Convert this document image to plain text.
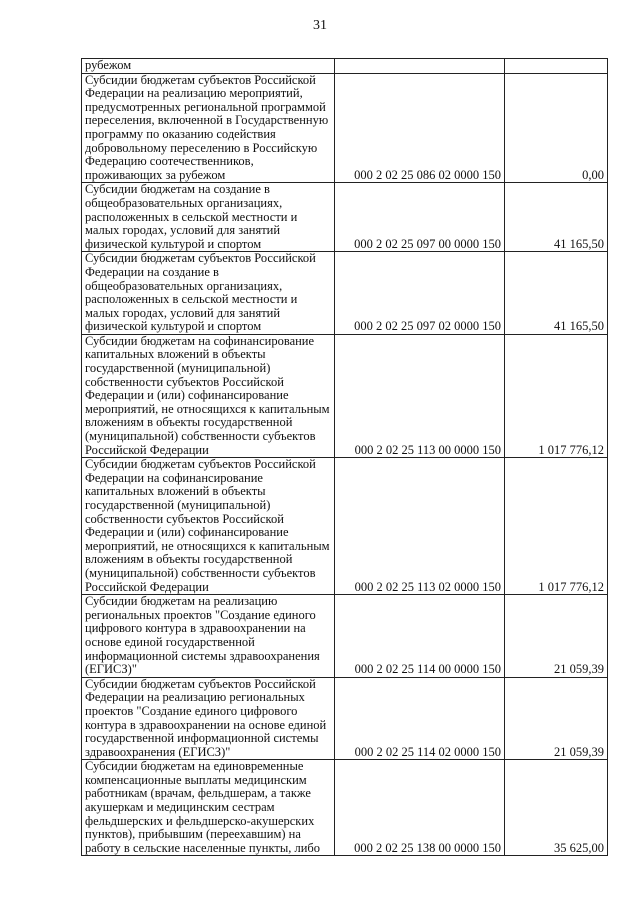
31
рубежом		
Субсидии бюджетам субъектов Российской Федерации на реализацию мероприятий, предусмотренных региональной программой переселения, включенной в Государственную программу по оказанию содействия добровольному переселению в Российскую Федерацию соотечественников, проживающих за рубежом	000 2 02 25 086 02 0000 150	0,00
Субсидии бюджетам на создание в общеобразовательных организациях, расположенных в сельской местности и малых городах, условий для занятий физической культурой и спортом	000 2 02 25 097 00 0000 150	41 165,50
Субсидии бюджетам субъектов Российской Федерации на создание в общеобразовательных организациях, расположенных в сельской местности и малых городах, условий для занятий физической культурой и спортом	000 2 02 25 097 02 0000 150	41 165,50
Субсидии бюджетам на софинансирование капитальных вложений в объекты государственной (муниципальной) собственности субъектов Российской Федерации и (или) софинансирование мероприятий, не относящихся к капитальным вложениям в объекты государственной (муниципальной) собственности субъектов Российской Федерации	000 2 02 25 113 00 0000 150	1 017 776,12
Субсидии бюджетам субъектов Российской Федерации на софинансирование капитальных вложений в объекты государственной (муниципальной) собственности субъектов Российской Федерации и (или) софинансирование мероприятий, не относящихся к капитальным вложениям в объекты государственной (муниципальной) собственности субъектов Российской Федерации	000 2 02 25 113 02 0000 150	1 017 776,12
Субсидии бюджетам на реализацию региональных проектов "Создание единого цифрового контура в здравоохранении на основе единой государственной информационной системы здравоохранения (ЕГИСЗ)"	000 2 02 25 114 00 0000 150	21 059,39
Субсидии бюджетам субъектов Российской Федерации на реализацию региональных проектов "Создание единого цифрового контура в здравоохранении на основе единой государственной информационной системы здравоохранения (ЕГИСЗ)"	000 2 02 25 114 02 0000 150	21 059,39
Субсидии бюджетам на единовременные компенсационные выплаты медицинским работникам (врачам, фельдшерам, а также акушеркам и медицинским сестрам фельдшерских и фельдшерско-акушерских пунктов), прибывшим (переехавшим) на работу в сельские населенные пункты, либо	000 2 02 25 138 00 0000 150	35 625,00
